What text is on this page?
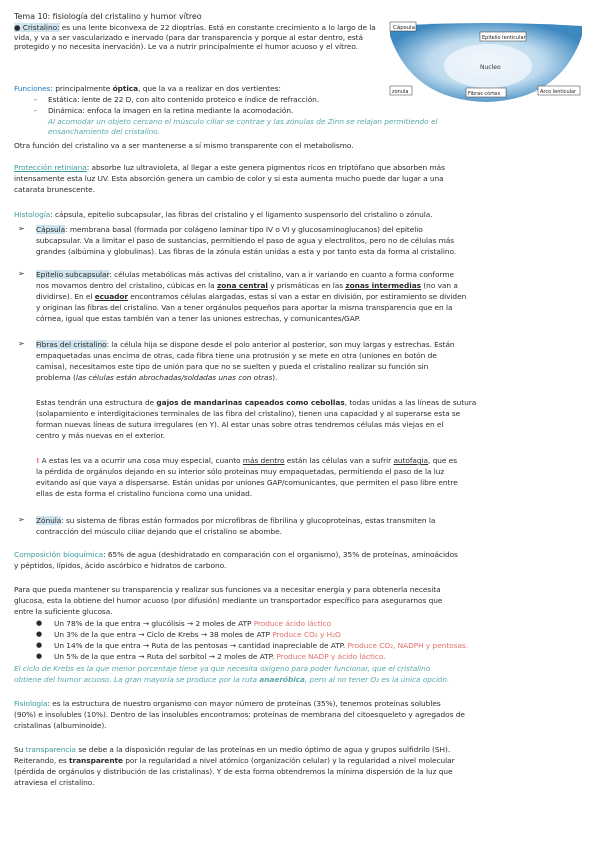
Tema 10: fisiología del cristalino y humor vítreo
● Cristalino: es una lente biconvexa de 22 dioptrías. Está en constante crecimiento a lo largo de la vida, y va a ser vascularizado e inervado (para dar transparencia y porque al estar dentro, está protegido y no necesita inervación). Le va a nutrir principalmente el humor acuoso y el vítreo.
Cápsula
Epitelio lenticular
Nucleo
zonula	Fibras córtex	Arco lenticular
Funciones: principalmente óptica, que la va a realizar en dos vertientes:
- Estática: lente de 22 D, con alto contenido proteico e índice de refracción.
- Dinámica: enfoca la imagen en la retina mediante la acomodación.
Al acomodar un objeto cercano el músculo ciliar se contrae y las zónulas de Zinn se relajan permitiendo el
ensanchamiento del cristalino.
Otra función del cristalino va a ser mantenerse a sí mismo transparente con el metabolismo.
Protección retiniana: absorbe luz ultravioleta, al llegar a este genera pigmentos ricos en triptófano que absorben más
intensamente esta luz UV. Esta absorción genera un cambio de color y si esta aumenta mucho puede dar lugar a una
catarata brunescente.
Histología: cápsula, epitelio subcapsular, las fibras del cristalino y el ligamento suspensorio del cristalino o zónula.
➢ Cápsula: membrana basal (formada por colágeno laminar tipo IV o VI y glucosaminoglucanos) del epitelio
subcapsular. Va a limitar el paso de sustancias, permitiendo el paso de agua y electrolitos, pero no de células más
grandes (albúmina y globulinas). Las fibras de la zónula están unidas a esta y por tanto esta da forma al cristalino.
➢ Epitelio subcapsular: células metabólicas más activas del cristalino, van a ir variando en cuanto a forma conforme
nos movamos dentro del cristalino, cúbicas en la zona central y prismáticas en las zonas intermedias (no van a
dividirse). En el ecuador encontramos células alargadas, estas sí van a estar en división, por estiramiento se dividen
y originan las fibras del cristalino. Van a tener orgánulos pequeños para aportar la misma transparencia que en la
córnea, igual que estas también van a tener las uniones estrechas, y comunicantes/GAP.
➢ Fibras del cristalino: la célula hija se dispone desde el polo anterior al posterior, son muy largas y estrechas. Están
empaquetadas unas encima de otras, cada fibra tiene una protrusión y se mete en otra (uniones en botón de
camisa), necesitamos este tipo de unión para que no se suelten y pueda el cristalino realizar su función sin
problema (las células están abrochadas/soldadas unas con otras).
Estas tendrán una estructura de gajos de mandarinas capeados como cebollas, todas unidas a las líneas de sutura
(solapamiento e interdigitaciones terminales de las fibra del cristalino), tienen una capacidad y al superarse esta se
forman nuevas líneas de sutura irregulares (en Y). Al estar unas sobre otras tendremos células más viejas en el
centro y más nuevas en el exterior.
! A estas les va a ocurrir una cosa muy especial, cuanto más dentro están las células van a sufrir autofagia, que es
la pérdida de orgánulos dejando en su interior sólo proteínas muy empaquetadas, permitiendo el paso de la luz
evitando así que vaya a dispersarse. Están unidas por uniones GAP/comunicantes, que permiten el paso libre entre
ellas de esta forma el cristalino funciona como una unidad.
➢ Zónula: su sistema de fibras están formados por microfibras de fibrilina y glucoproteínas, estas transmiten la
contracción del músculo ciliar dejando que el cristalino se abombe.
Composición bioquímica: 65% de agua (deshidratado en comparación con el organismo), 35% de proteínas, aminoácidos
y péptidos, lípidos, ácido ascórbico e hidratos de carbono.
Para que pueda mantener su transparencia y realizar sus funciones va a necesitar energía y para obtenerla necesita
glucosa, esta la obtiene del humor acuoso (por difusión) mediante un transportador específico para asegurarnos que
entre la suficiente glucosa.
● Un 78% de la que entra → glucólisis → 2 moles de ATP Produce ácido láctico
● Un 3% de la que entra → Ciclo de Krebs → 38 moles de ATP Produce CO₂ y H₂O
● Un 14% de la que entra → Ruta de las pentosas → cantidad inapreciable de ATP. Produce CO₂, NADPH y pentosas.
● Un 5% de la que entra → Ruta del sorbitol → 2 moles de ATP. Produce NADP y ácido láctico.
El ciclo de Krebs es la que menor porcentaje tiene ya que necesita oxígeno para poder funcionar, que el cristalino
obtiene del humor acuoso. La gran mayoría se produce por la ruta anaeróbica, pero al no tener O₂ es la única opción.
Fisiología: es la estructura de nuestro organismo con mayor número de proteínas (35%), tenemos proteínas solubles
(90%) e insolubles (10%). Dentro de las insolubles encontramos: proteínas de membrana del citoesqueleto y agregados de
cristalinas (albuminoide).
Su transparencia se debe a la disposición regular de las proteínas en un medio óptimo de agua y grupos sulfidrilo (SH).
Reiterando, es transparente por la regularidad a nivel atómico (organización celular) y la regularidad a nivel molecular
(pérdida de orgánulos y distribución de las cristalinas). Y de esta forma obtendremos la mínima dispersión de la luz que
atraviesa el cristalino.
